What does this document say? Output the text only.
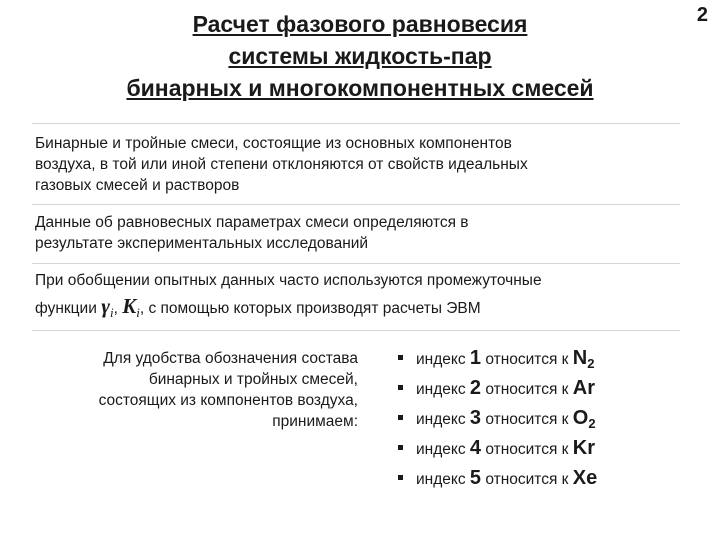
2
Расчет фазового равновесия
системы жидкость-пар
бинарных и многокомпонентных смесей
Бинарные и тройные смеси, состоящие из основных компонентов
воздуха, в той или иной степени отклоняются от свойств идеальных
газовых смесей и растворов
Данные об равновесных параметрах смеси определяются в
результате экспериментальных исследований
При обобщении опытных данных часто используются промежуточные
функции $\gamma_i$, $K_i$, с помощью которых производят расчеты ЭВМ
Для удобства обозначения состава
бинарных и тройных смесей,
состоящих из компонентов воздуха,
принимаем:
индекс 1 относится к $N_2$
индекс 2 относится к Ar
индекс 3 относится к $O_2$
индекс 4 относится к Kr
индекс 5 относится к Xe
